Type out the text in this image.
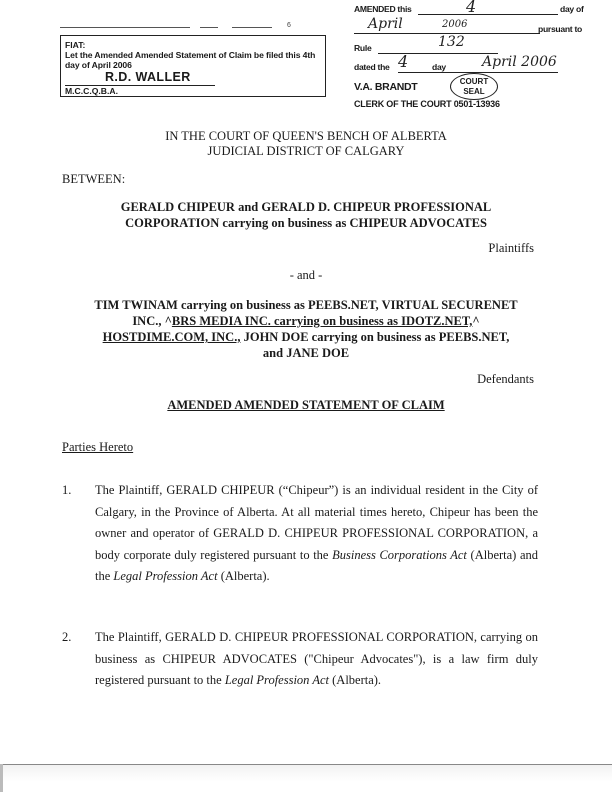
6
FIAT:
Let the Amended Amended Statement of Claim be filed this 4th day of April 2006
R.D. WALLER
M.C.C.Q.B.A.
AMENDED this	4	day of
April	2006	pursuant to
Rule	132
dated the 4	day	April 2006
V.A. BRANDT	COURT SEAL
CLERK OF THE COURT 0501-13936
IN THE COURT OF QUEEN'S BENCH OF ALBERTA
JUDICIAL DISTRICT OF CALGARY
BETWEEN:
GERALD CHIPEUR and GERALD D. CHIPEUR PROFESSIONAL
CORPORATION carrying on business as CHIPEUR ADVOCATES
Plaintiffs
- and -
TIM TWINAM carrying on business as PEEBS.NET, VIRTUAL SECURENET
INC., ^BRS MEDIA INC. carrying on business as IDOTZ.NET,^
HOSTDIME.COM, INC., JOHN DOE carrying on business as PEEBS.NET,
and JANE DOE
Defendants
AMENDED AMENDED STATEMENT OF CLAIM
Parties Hereto
1. The Plaintiff, GERALD CHIPEUR (“Chipeur”) is an individual resident in the City of Calgary, in the Province of Alberta. At all material times hereto, Chipeur has been the owner and operator of GERALD D. CHIPEUR PROFESSIONAL CORPORATION, a body corporate duly registered pursuant to the Business Corporations Act (Alberta) and the Legal Profession Act (Alberta).
2. The Plaintiff, GERALD D. CHIPEUR PROFESSIONAL CORPORATION, carrying on business as CHIPEUR ADVOCATES ("Chipeur Advocates"), is a law firm duly registered pursuant to the Legal Profession Act (Alberta).
